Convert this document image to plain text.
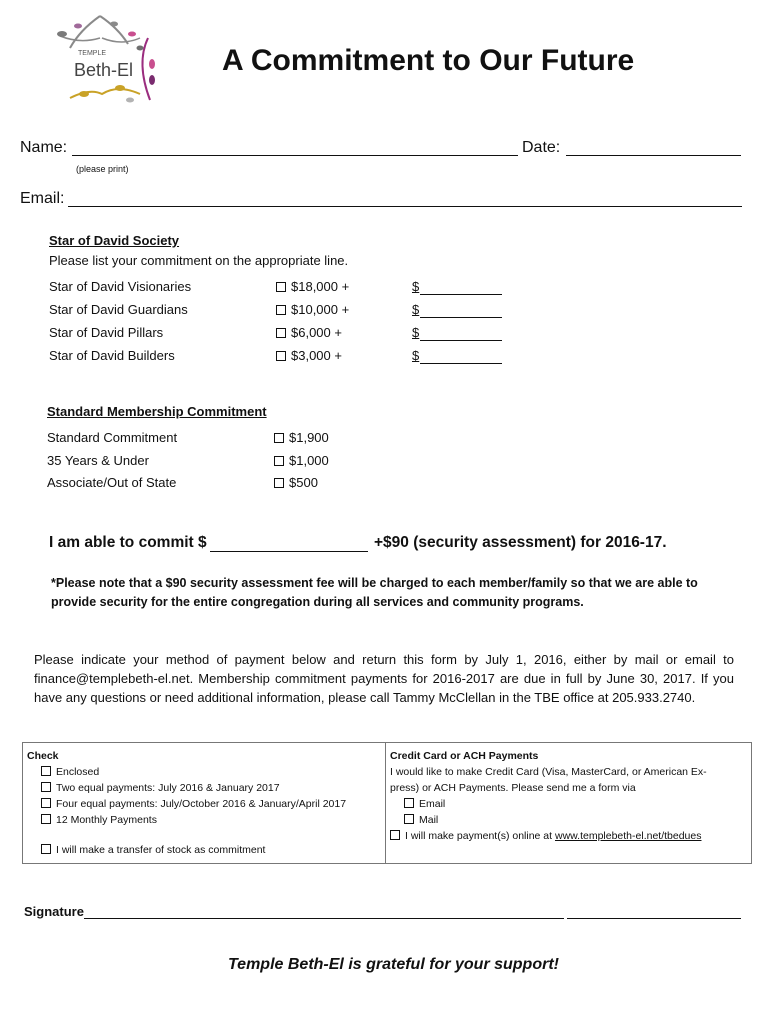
TEMPLE
Beth-El	A Commitment to Our Future
Name:
(please print)
Date:
Email:
Star of David Society
Please list your commitment on the appropriate line.
Star of David Visionaries	$18,000 +	$
Star of David Guardians	$10,000 +	$
Star of David Pillars	$6,000 +	$
Star of David Builders	$3,000 +	$
Standard Membership Commitment
Standard Commitment	$1,900
35 Years & Under	$1,000
Associate/Out of State	$500
I am able to commit $	+$90 (security assessment) for 2016-17.
*Please note that a $90 security assessment fee will be charged to each member/family so that we are able to provide security for the entire congregation during all services and community programs.
Please indicate your method of payment below and return this form by July 1, 2016, either by mail or email to finance@templebeth-el.net. Membership commitment payments for 2016-2017 are due in full by June 30, 2017. If you have any questions or need additional information, please call Tammy McClellan in the TBE office at 205.933.2740.
Check
Enclosed
Two equal payments: July 2016 & January 2017
Four equal payments: July/October 2016 & January/April 2017
12 Monthly Payments
I will make a transfer of stock as commitment

Credit Card or ACH Payments
I would like to make Credit Card (Visa, MasterCard, or American Ex-
press) or ACH Payments. Please send me a form via
Email
Mail
I will make payment(s) online at www.templebeth-el.net/tbedues
Signature
Temple Beth-El is grateful for your support!
